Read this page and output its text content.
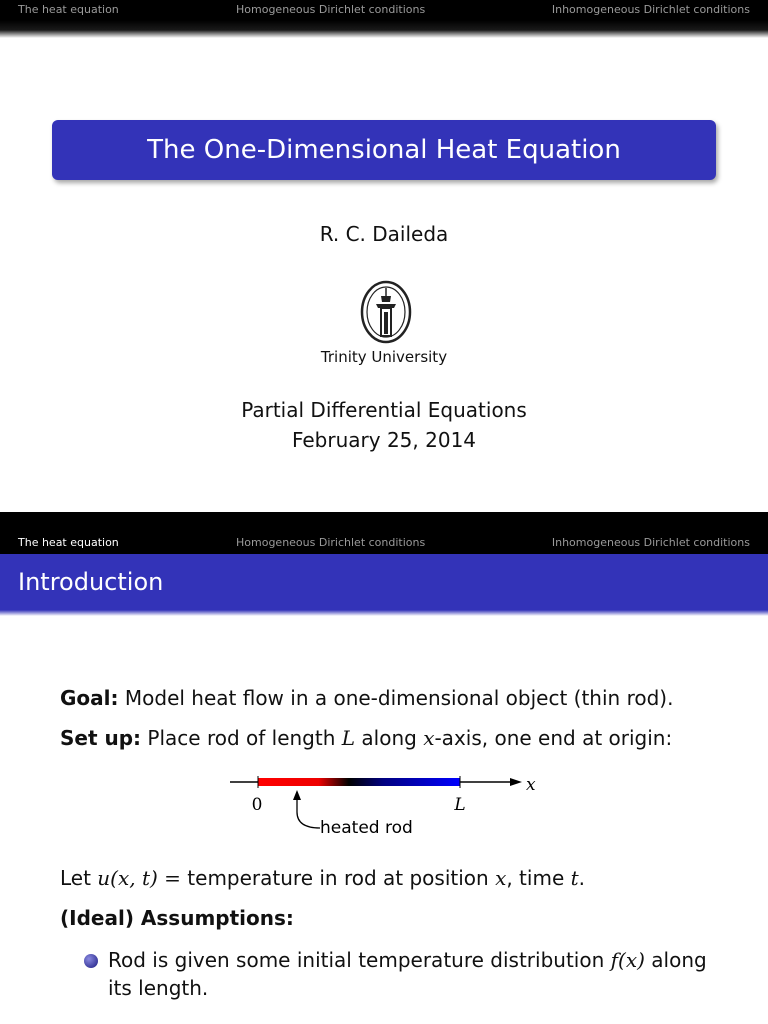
The heat equation	Homogeneous Dirichlet conditions	Inhomogeneous Dirichlet conditions
The One-Dimensional Heat Equation
R. C. Daileda
Trinity University
Partial Differential Equations
February 25, 2014
The heat equation	Homogeneous Dirichlet conditions	Inhomogeneous Dirichlet conditions
Introduction
Goal: Model heat flow in a one-dimensional object (thin rod).
Set up: Place rod of length L along x-axis, one end at origin:
0	L
x
heated rod
Let u(x, t) = temperature in rod at position x, time t.
(Ideal) Assumptions:
Rod is given some initial temperature distribution f(x) along
its length.
